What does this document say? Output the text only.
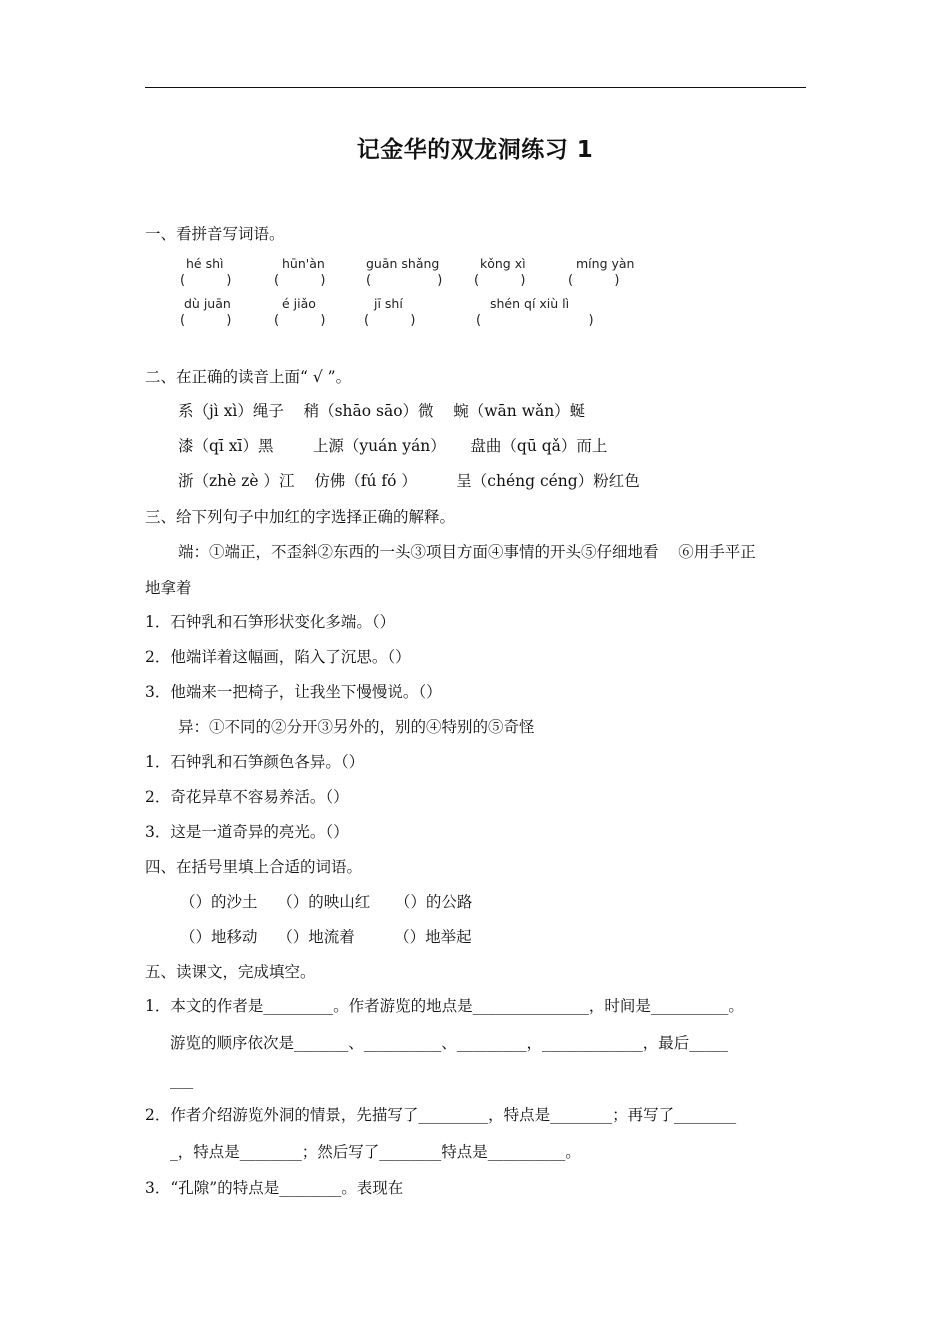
记金华的双龙洞练习 1
一、看拼音写词语。
hé shì	hūn'àn	guān shǎng	kǒng xì	míng yàn
(          )	(          )	(                ) (          )	(          )
dù juān	é jiǎo	jī shí	shén qí xiù lì
(          )	(          )	(          )	(                          )
二、在正确的读音上面“ √ ”。
系（jì xì）绳子    稍（shāo sāo）微    蜿（wān wǎn）蜒
漆（qī xī）黑        上源（yuán yán）     盘曲（qū qǎ）而上
浙（zhè zè ）江    仿佛（fú fó ）        呈（chéng céng）粉红色
三、给下列句子中加红的字选择正确的解释。
端：①端正，不歪斜②东西的一头③项目方面④事情的开头⑤仔细地看    ⑥用手平正
地拿着
1．石钟乳和石笋形状变化多端。（）
2．他端详着这幅画，陷入了沉思。（）
3．他端来一把椅子，让我坐下慢慢说。（）
异：①不同的②分开③另外的，别的④特别的⑤奇怪
1．石钟乳和石笋颜色各异。（）
2．奇花异草不容易养活。（）
3．这是一道奇异的亮光。（）
四、在括号里填上合适的词语。
（）的沙土    （）的映山红     （）的公路
（）地移动    （）地流着        （）地举起
五、读课文，完成填空。
1．本文的作者是_________。作者游览的地点是_______________，时间是__________。
游览的顺序依次是_______、__________、_________，_____________，最后_____
___
2．作者介绍游览外洞的情景，先描写了_________，特点是________；再写了________
_，特点是________；然后写了________特点是__________。
3．“孔隙”的特点是________。表现在
